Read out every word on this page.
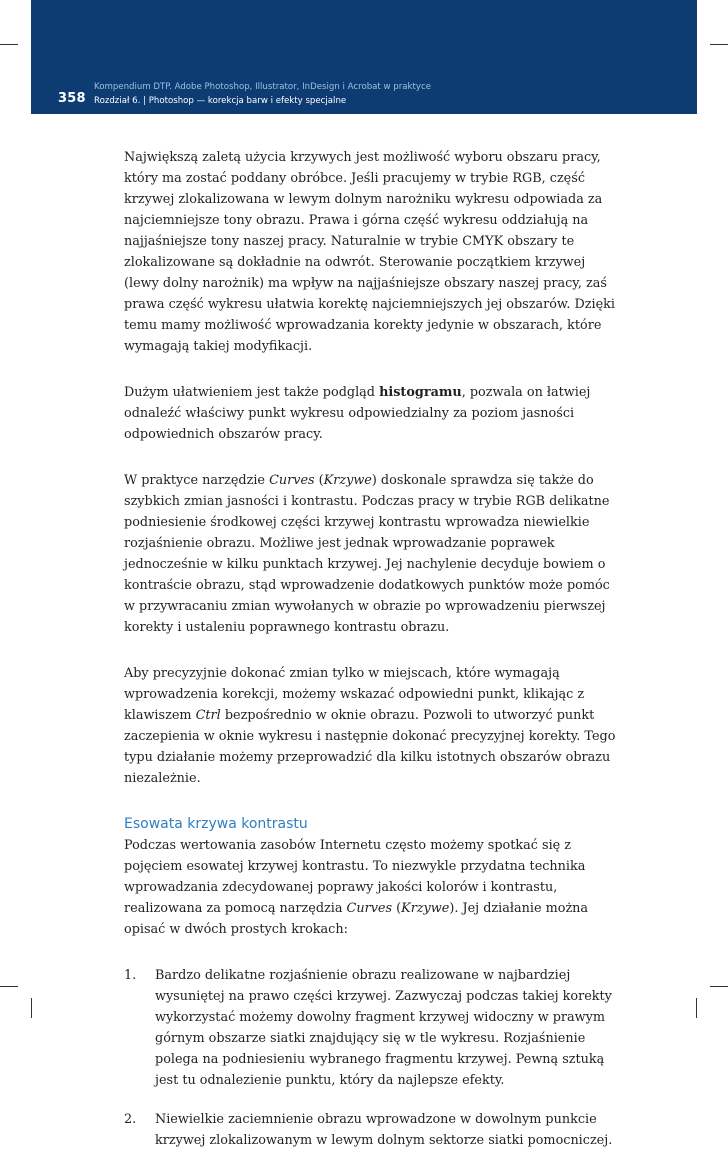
358
Kompendium DTP. Adobe Photoshop, Illustrator, InDesign i Acrobat w praktyce
Rozdział 6. | Photoshop — korekcja barw i efekty specjalne

Największą zaletą użycia krzywych jest możliwość wyboru obszaru pracy, który ma zostać poddany obróbce. Jeśli pracujemy w trybie RGB, część krzywej zlokalizowana w lewym dolnym narożniku wykresu odpowiada za najciemniejsze tony obrazu. Prawa i górna część wykresu oddziałują na najjaśniejsze tony naszej pracy. Naturalnie w trybie CMYK obszary te zlokalizowane są dokładnie na odwrót. Sterowanie początkiem krzywej (lewy dolny narożnik) ma wpływ na najjaśniejsze obszary naszej pracy, zaś prawa część wykresu ułatwia korektę najciemniejszych jej obszarów. Dzięki temu mamy możliwość wprowadzania korekty jedynie w obszarach, które wymagają takiej modyfikacji.

Dużym ułatwieniem jest także podgląd histogramu, pozwala on łatwiej odnaleźć właściwy punkt wykresu odpowiedzialny za poziom jasności odpowiednich obszarów pracy.

W praktyce narzędzie Curves (Krzywe) doskonale sprawdza się także do szybkich zmian jasności i kontrastu. Podczas pracy w trybie RGB delikatne podniesienie środkowej części krzywej kontrastu wprowadza niewielkie rozjaśnienie obrazu. Możliwe jest jednak wprowadzanie poprawek jednocześnie w kilku punktach krzywej. Jej nachylenie decyduje bowiem o kontraście obrazu, stąd wprowadzenie dodatkowych punktów może pomóc w przywracaniu zmian wywołanych w obrazie po wprowadzeniu pierwszej korekty i ustaleniu poprawnego kontrastu obrazu.

Aby precyzyjnie dokonać zmian tylko w miejscach, które wymagają wprowadzenia korekcji, możemy wskazać odpowiedni punkt, klikając z klawiszem Ctrl bezpośrednio w oknie obrazu. Pozwoli to utworzyć punkt zaczepienia w oknie wykresu i następnie dokonać precyzyjnej korekty. Tego typu działanie możemy przeprowadzić dla kilku istotnych obszarów obrazu niezależnie.

Esowata krzywa kontrastu

Podczas wertowania zasobów Internetu często możemy spotkać się z pojęciem esowatej krzywej kontrastu. To niezwykle przydatna technika wprowadzania zdecydowanej poprawy jakości kolorów i kontrastu, realizowana za pomocą narzędzia Curves (Krzywe). Jej działanie można opisać w dwóch prostych krokach:

1. Bardzo delikatne rozjaśnienie obrazu realizowane w najbardziej wysuniętej na prawo części krzywej. Zazwyczaj podczas takiej korekty wykorzystać możemy dowolny fragment krzywej widoczny w prawym górnym obszarze siatki znajdujący się w tle wykresu. Rozjaśnienie polega na podniesieniu wybranego fragmentu krzywej. Pewną sztuką jest tu odnalezienie punktu, który da najlepsze efekty.
2. Niewielkie zaciemnienie obrazu wprowadzone w dowolnym punkcie krzywej zlokalizowanym w lewym dolnym sektorze siatki pomocniczej.
